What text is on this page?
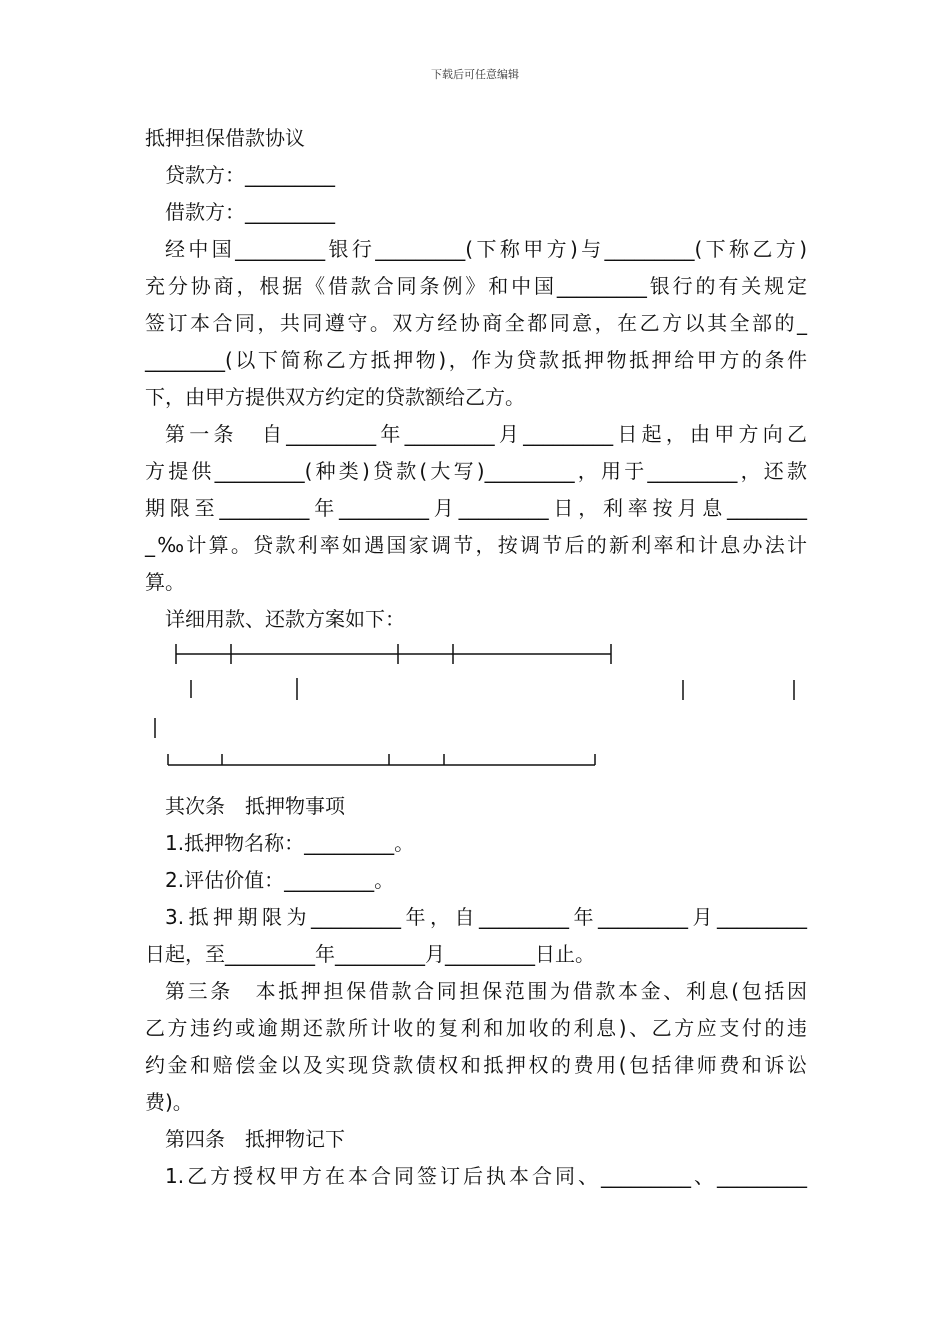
下载后可任意编辑
抵押担保借款协议
贷款方：_________
借款方：_________
经中国_________银行_________(下称甲方)与_________(下称乙方)
充分协商，根据《借款合同条例》和中国_________银行的有关规定
签订本合同，共同遵守。双方经协商全都同意，在乙方以其全部的_
________(以下简称乙方抵押物)，作为贷款抵押物抵押给甲方的条件
下，由甲方提供双方约定的贷款额给乙方。
第一条　自_________年_________月_________日起，由甲方向乙
方提供_________(种类)贷款(大写)_________，用于_________，还款
期限至_________年_________月_________日，利率按月息________
_‰计算。贷款利率如遇国家调节，按调节后的新利率和计息办法计
算。
详细用款、还款方案如下：
其次条　抵押物事项
1.抵押物名称：_________。
2.评估价值：_________。
3.抵押期限为_________年，自_________年_________月_________
日起，至_________年_________月_________日止。
第三条　本抵押担保借款合同担保范围为借款本金、利息(包括因
乙方违约或逾期还款所计收的复利和加收的利息)、乙方应支付的违
约金和赔偿金以及实现贷款债权和抵押权的费用(包括律师费和诉讼
费)。
第四条　抵押物记下
1.乙方授权甲方在本合同签订后执本合同、_________、_________
